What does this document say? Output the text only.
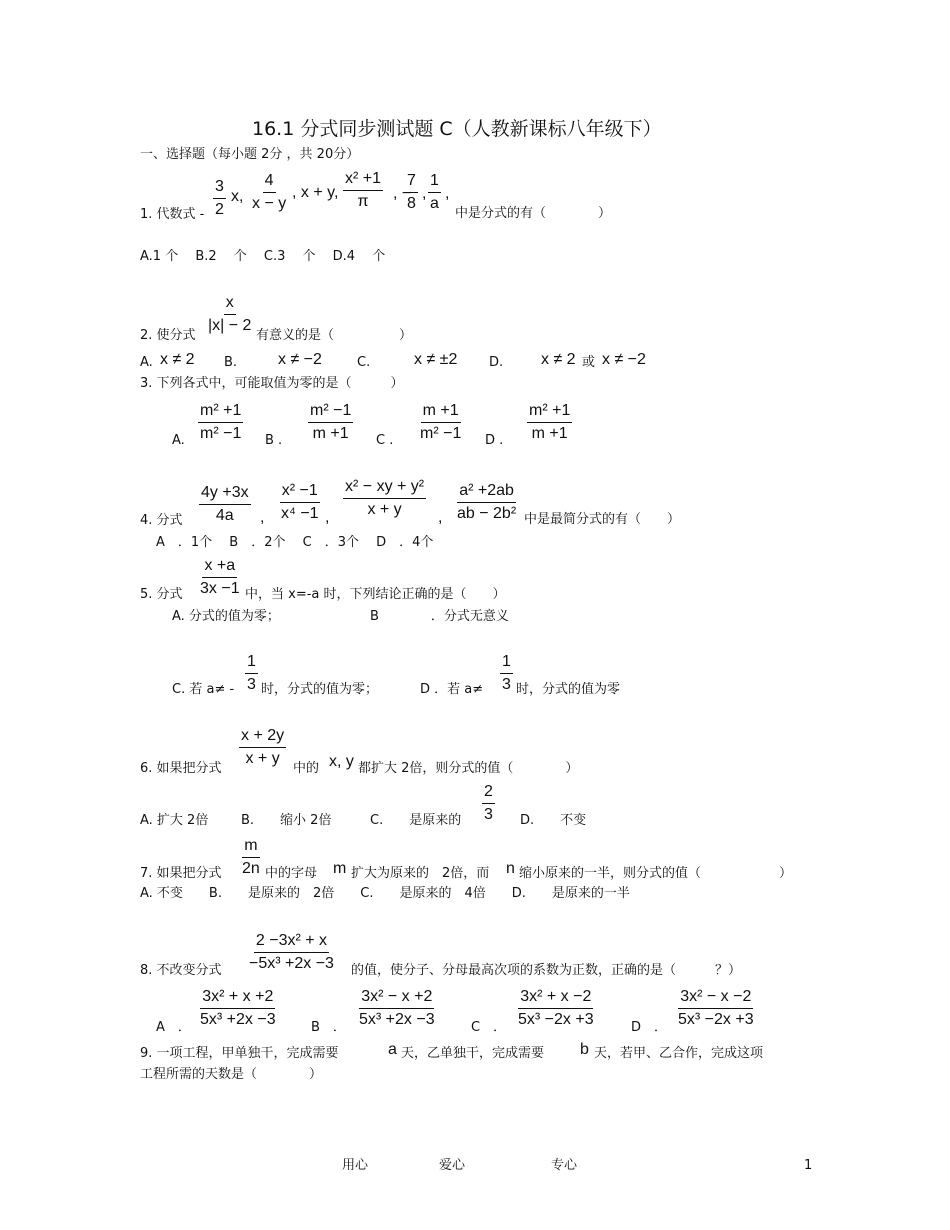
16.1 分式同步测试题 C（人教新课标八年级下）
一、选择题（每小题 2分 ，共 20分）
1. 代数式 -
3
2
x,
4
x − y
, x + y,
x² +1
π , −
7
8
,
1
a
,
中是分式的有（　　　　）
A.1 个　 B.2　 个　 C.3　 个　 D.4　 个
2. 使分式
x
|x| − 2
有意义的是（　　　　　）
A. x ≠ 2 B.	x ≠ −2	C.	x ≠ ±2 D. x ≠ 2 或 x ≠ −2
3. 下列各式中，可能取值为零的是（　　　）
A.
m² +1
m² −1 B .
m² −1
m +1 C .
m +1
m² −1 D .
m² +1
m +1
4. 分式
4y +3x
4a ,
x² −1
x⁴ −1 ,
x² − xy + y²
x + y ,
a² +2ab
ab − 2b² 中是最简分式的有（　　）
A　．1个　 B　．2个　 C　．3个　 D　．4个
5. 分式
x +a
3x −1 中，当 x=-a 时，下列结论正确的是（　　）
A. 分式的值为零；	B　　　　．分式无意义
C. 若 a≠ -
1
3 时，分式的值为零；	D ．若 a≠
1
3 时，分式的值为零
6. 如果把分式
x + 2y
x + y
中的 x, y 都扩大 2倍，则分式的值（　　　　）
A. 扩大 2倍	B.　　缩小 2倍	C.　　是原来的
2
3 D.　　不变
7. 如果把分式
m
2n 中的字母 m 扩大为原来的　2倍，而 n 缩小原来的一半，则分式的值（　　　　　　）
A. 不变　　B.　　是原来的　2倍　　C.　　是原来的　4倍　　D.　　是原来的一半
8. 不改变分式
2 −3x² + x
−5x³ +2x −3 的值，使分子、分母最高次项的系数为正数，正确的是（　　　？）
A　．
3x² + x +2
5x³ +2x −3	B　．
3x² − x +2
5x³ +2x −3	C　．
3x² + x −2
5x³ −2x +3	D　．
3x² − x −2
5x³ −2x +3
9. 一项工程，甲单独干，完成需要	a 天，乙单独干，完成需要 b 天，若甲、乙合作，完成这项
工程所需的天数是（　　　　）
用心	爱心	专心	1
